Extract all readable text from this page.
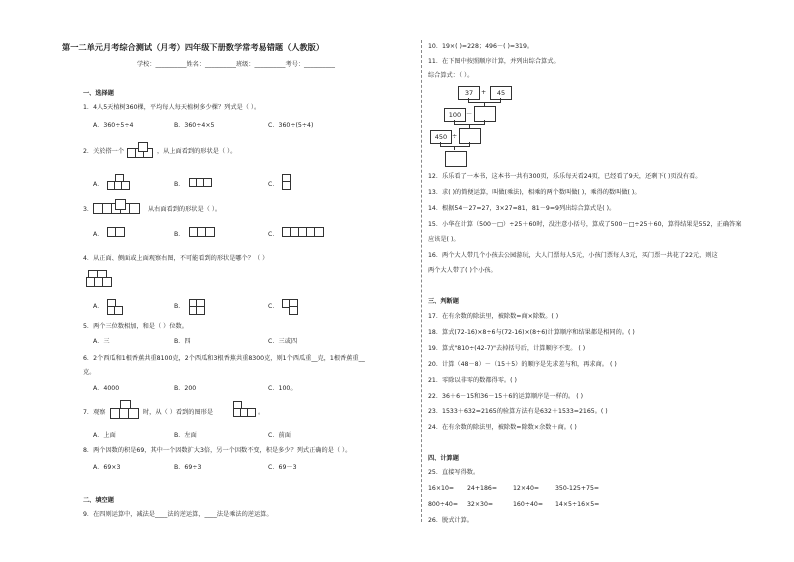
第一二单元月考综合测试（月考）四年级下册数学常考易错题（人教版）
学校：__________姓名：__________班级：__________考号：__________
一、选择题
1．4人5天植树360棵，平均每人每天植树多少棵？列式是（ ）。
A．360÷5÷4	B．360÷4×5	C．360÷(5÷4)
2．关於搭一个	，从上面看到的形状是（ ）。
A．	B．	C．
3．	从右面看到的形状是（ ）。
A．	B．	C．
4．从正面、侧面或上面观察右图，不可能看到的形状是哪个？（ ）
A．	B．	C．
5．两个三位数相加，和是（ ）位数。
A．三	B．四	C．三或四
6．2个西瓜和1根香蕉共重8100克，2个西瓜和3根香蕉共重8300克，则1个西瓜重__克，1根香蕉重__
克。
A．4000	B．200	C．100。
7．观察	时，从（ ）看到的图形是	。
A．上面	B．左面	C．前面
8．两个因数的积是69，其中一个因数扩大3倍，另一个因数不变，积是多少？列式正确的是（ ）。
A．69×3	B．69÷3	C．69－3
二、填空题
9．在四则运算中，减法是____法的逆运算，____法是乘法的逆运算。
10．19×( )=228；496－( )=319。
11．在下图中按照顺序计算，并列出综合算式。
综合算式：（ ）。
37	+	45
100 －
450 ÷
12．乐乐看了一本书，这本书一共有300页，乐乐每天看24页，已经看了9天，还剩下( )页没有看。
13．求( )的简便运算，叫做(乘法)，相乘的两个数叫做( )，乘得的数叫做( )。
14．根据54－27=27，3×27=81，81－9=9列出综合算式是( )。
15．小华在计算（500－□）÷25＋60时，没注意小括号，算成了500－□÷25＋60，算得结果是552，正确答案
应该是( )。
16．两个大人带几个小孩去公园游玩，大人门票每人5元，小孩门票每人3元，买门票一共花了22元，则这
两个大人带了( )个小孩。
三、判断题
17．在有余数的除法里，被除数=商×除数。( )
18．算式(72-16)×8÷6与(72-16)×(8÷6)计算顺序和结果都是相同的。( )
19．算式"810÷(42-7)"去掉括号后，计算顺序不变。 ( )
20．计算（48－8）－（15＋5）的顺序是先求差与和，再求商。 ( )
21．零除以非零的数都得零。( )
22．36＋6－15和36－15＋6的运算顺序是一样的。 ( )
23．1533＋632=2165的验算方法有是632＋1533=2165。( )
24．在有余数的除法里，被除数=除数×余数＋商。( )
四、计算题
25．直接写得数。
16×10= 24+186=	12×40=	350-125+75=
800÷40= 32×30=	160÷40= 14×5÷16×5=
26．脱式计算。
